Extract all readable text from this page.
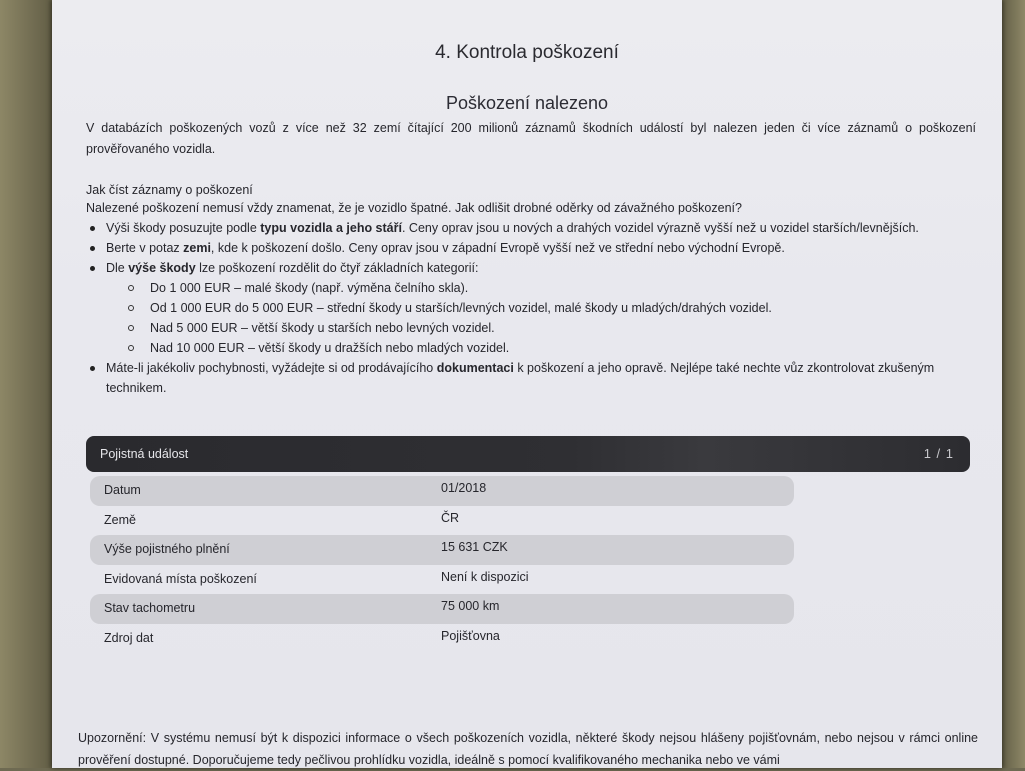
4. Kontrola poškození
Poškození nalezeno
V databázích poškozených vozů z více než 32 zemí čítající 200 milionů záznamů škodních událostí byl nalezen jeden či více záznamů o poškození prověřovaného vozidla.
Jak číst záznamy o poškození
Nalezené poškození nemusí vždy znamenat, že je vozidlo špatné. Jak odlišit drobné oděrky od závažného poškození?
Výši škody posuzujte podle typu vozidla a jeho stáří. Ceny oprav jsou u nových a drahých vozidel výrazně vyšší než u vozidel starších/levnějších.
Berte v potaz zemi, kde k poškození došlo. Ceny oprav jsou v západní Evropě vyšší než ve střední nebo východní Evropě.
Dle výše škody lze poškození rozdělit do čtyř základních kategorií:
Do 1 000 EUR – malé škody (např. výměna čelního skla).
Od 1 000 EUR do 5 000 EUR – střední škody u starších/levných vozidel, malé škody u mladých/drahých vozidel.
Nad 5 000 EUR – větší škody u starších nebo levných vozidel.
Nad 10 000 EUR – větší škody u dražších nebo mladých vozidel.
Máte-li jakékoliv pochybnosti, vyžádejte si od prodávajícího dokumentaci k poškození a jeho opravě. Nejlépe také nechte vůz zkontrolovat zkušeným technikem.
Pojistná událost	1 / 1
Datum	01/2018
Země	ČR
Výše pojistného plnění	15 631 CZK
Evidovaná místa poškození	Není k dispozici
Stav tachometru	75 000 km
Zdroj dat	Pojišťovna
Upozornění: V systému nemusí být k dispozici informace o všech poškozeních vozidla, některé škody nejsou hlášeny pojišťovnám, nebo nejsou v rámci online prověření dostupné. Doporučujeme tedy pečlivou prohlídku vozidla, ideálně s pomocí kvalifikovaného mechanika nebo ve vámi
